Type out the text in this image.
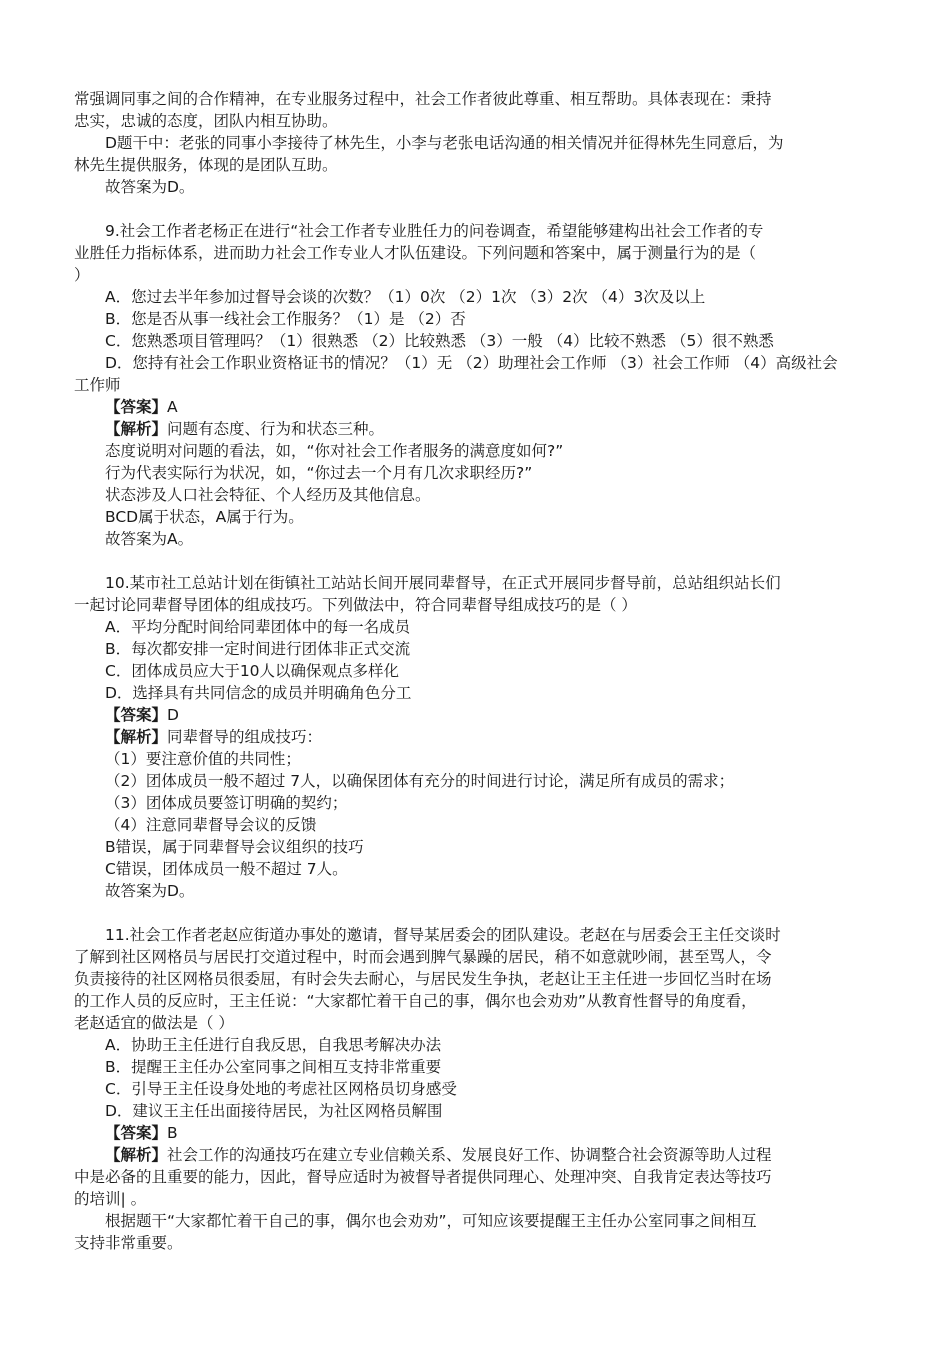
常强调同事之间的合作精神，在专业服务过程中，社会工作者彼此尊重、相互帮助。具体表现在：秉持
忠实，忠诚的态度，团队内相互协助。
D题干中：老张的同事小李接待了林先生，小李与老张电话沟通的相关情况并征得林先生同意后，为
林先生提供服务，体现的是团队互助。
故答案为D。
9.社会工作者老杨正在进行“社会工作者专业胜任力的问卷调查，希望能够建构出社会工作者的专
业胜任力指标体系，进而助力社会工作专业人才队伍建设。下列问题和答案中，属于测量行为的是（
）
A．您过去半年参加过督导会谈的次数？（1）0次 （2）1次 （3）2次 （4）3次及以上
B．您是否从事一线社会工作服务？（1）是 （2）否
C．您熟悉项目管理吗？（1）很熟悉 （2）比较熟悉 （3）一般 （4）比较不熟悉 （5）很不熟悉
D．您持有社会工作职业资格证书的情况？（1）无 （2）助理社会工作师 （3）社会工作师 （4）高级社会
工作师
【答案】A
【解析】问题有态度、行为和状态三种。
态度说明对问题的看法，如，“你对社会工作者服务的满意度如何?”
行为代表实际行为状况，如，“你过去一个月有几次求职经历?”
状态涉及人口社会特征、个人经历及其他信息。
BCD属于状态，A属于行为。
故答案为A。
10.某市社工总站计划在街镇社工站站长间开展同辈督导，在正式开展同步督导前，总站组织站长们
一起讨论同辈督导团体的组成技巧。下列做法中，符合同辈督导组成技巧的是（ ）
A．平均分配时间给同辈团体中的每一名成员
B．每次都安排一定时间进行团体非正式交流
C．团体成员应大于10人以确保观点多样化
D．选择具有共同信念的成员并明确角色分工
【答案】D
【解析】同辈督导的组成技巧：
（1）要注意价值的共同性；
（2）团体成员一般不超过 7人，以确保团体有充分的时间进行讨论，满足所有成员的需求；
（3）团体成员要签订明确的契约；
（4）注意同辈督导会议的反馈
B错误，属于同辈督导会议组织的技巧
C错误，团体成员一般不超过 7人。
故答案为D。
11.社会工作者老赵应街道办事处的邀请，督导某居委会的团队建设。老赵在与居委会王主任交谈时
了解到社区网格员与居民打交道过程中，时而会遇到脾气暴躁的居民，稍不如意就吵闹，甚至骂人，令
负责接待的社区网格员很委屈，有时会失去耐心，与居民发生争执，老赵让王主任进一步回忆当时在场
的工作人员的反应时，王主任说：“大家都忙着干自己的事，偶尔也会劝劝”从教育性督导的角度看，
老赵适宜的做法是（ ）
A．协助王主任进行自我反思，自我思考解决办法
B．提醒王主任办公室同事之间相互支持非常重要
C．引导王主任设身处地的考虑社区网格员切身感受
D．建议王主任出面接待居民，为社区网格员解围
【答案】B
【解析】社会工作的沟通技巧在建立专业信赖关系、发展良好工作、协调整合社会资源等助人过程
中是必备的且重要的能力，因此，督导应适时为被督导者提供同理心、处理冲突、自我肯定表达等技巧
的培训| 。
根据题干“大家都忙着干自己的事，偶尔也会劝劝”，可知应该要提醒王主任办公室同事之间相互
支持非常重要。
